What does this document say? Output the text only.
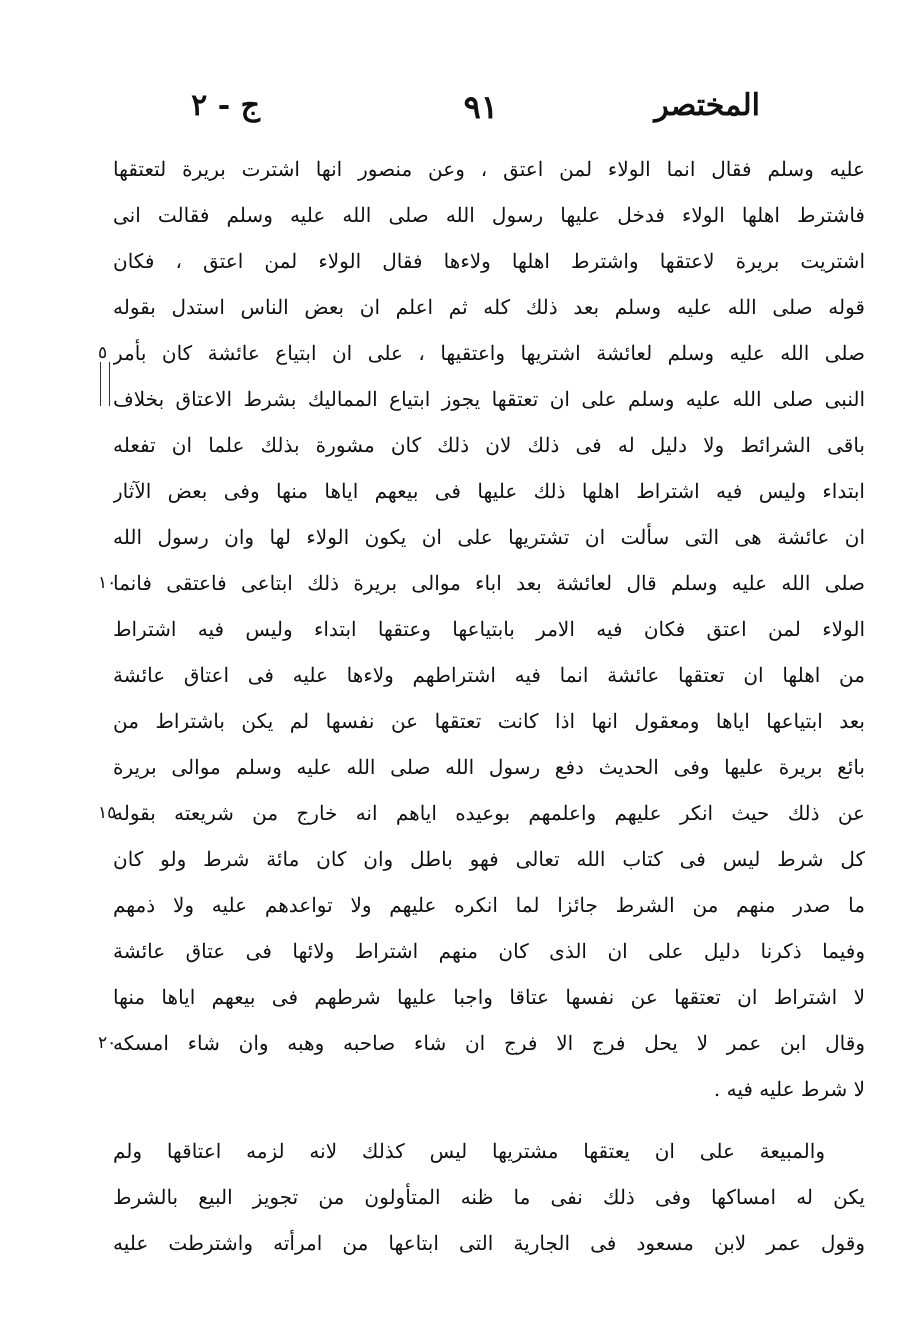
المختصر
٩١
ج - ٢
٥
١٠
١٥
٢٠
عليه وسلم فقال انما الولاء لمن اعتق ، وعن منصور انها اشترت بريرة لتعتقها
فاشترط اهلها الولاء فدخل عليها رسول الله صلى الله عليه وسلم فقالت انى
اشتريت بريرة لاعتقها واشترط اهلها ولاءها فقال الولاء لمن اعتق ، فكان
قوله صلى الله عليه وسلم بعد ذلك كله ثم اعلم ان بعض الناس استدل بقوله
صلى الله عليه وسلم لعائشة اشتريها واعتقيها ، على ان ابتياع عائشة كان بأمر
النبى صلى الله عليه وسلم على ان تعتقها يجوز ابتياع المماليك بشرط الاعتاق بخلاف
باقى الشرائط ولا دليل له فى ذلك لان ذلك كان مشورة بذلك علما ان تفعله
ابتداء وليس فيه اشتراط اهلها ذلك عليها فى بيعهم اياها منها وفى بعض الآثار
ان عائشة هى التى سألت ان تشتريها على ان يكون الولاء لها وان رسول الله
صلى الله عليه وسلم قال لعائشة بعد اباء موالى بريرة ذلك ابتاعى فاعتقى فانما
الولاء لمن اعتق فكان فيه الامر بابتياعها وعتقها ابتداء وليس فيه اشتراط
من اهلها ان تعتقها عائشة انما فيه اشتراطهم ولاءها عليه فى اعتاق عائشة
بعد ابتياعها اياها ومعقول انها اذا كانت تعتقها عن نفسها لم يكن باشتراط من
بائع بريرة عليها وفى الحديث دفع رسول الله صلى الله عليه وسلم موالى بريرة
عن ذلك حيث انكر عليهم واعلمهم بوعيده اياهم انه خارج من شريعته بقوله
كل شرط ليس فى كتاب الله تعالى فهو باطل وان كان مائة شرط ولو كان
ما صدر منهم من الشرط جائزا لما انكره عليهم ولا تواعدهم عليه ولا ذمهم
وفيما ذكرنا دليل على ان الذى كان منهم اشتراط ولائها فى عتاق عائشة
لا اشتراط ان تعتقها عن نفسها عتاقا واجبا عليها شرطهم فى بيعهم اياها منها
وقال ابن عمر لا يحل فرج الا فرج ان شاء صاحبه وهبه وان شاء امسكه
لا شرط عليه فيه .
والمبيعة على ان يعتقها مشتريها ليس كذلك لانه لزمه اعتاقها ولم
يكن له امساكها وفى ذلك نفى ما ظنه المتأولون من تجويز البيع بالشرط
وقول عمر لابن مسعود فى الجارية التى ابتاعها من امرأته واشترطت عليه
